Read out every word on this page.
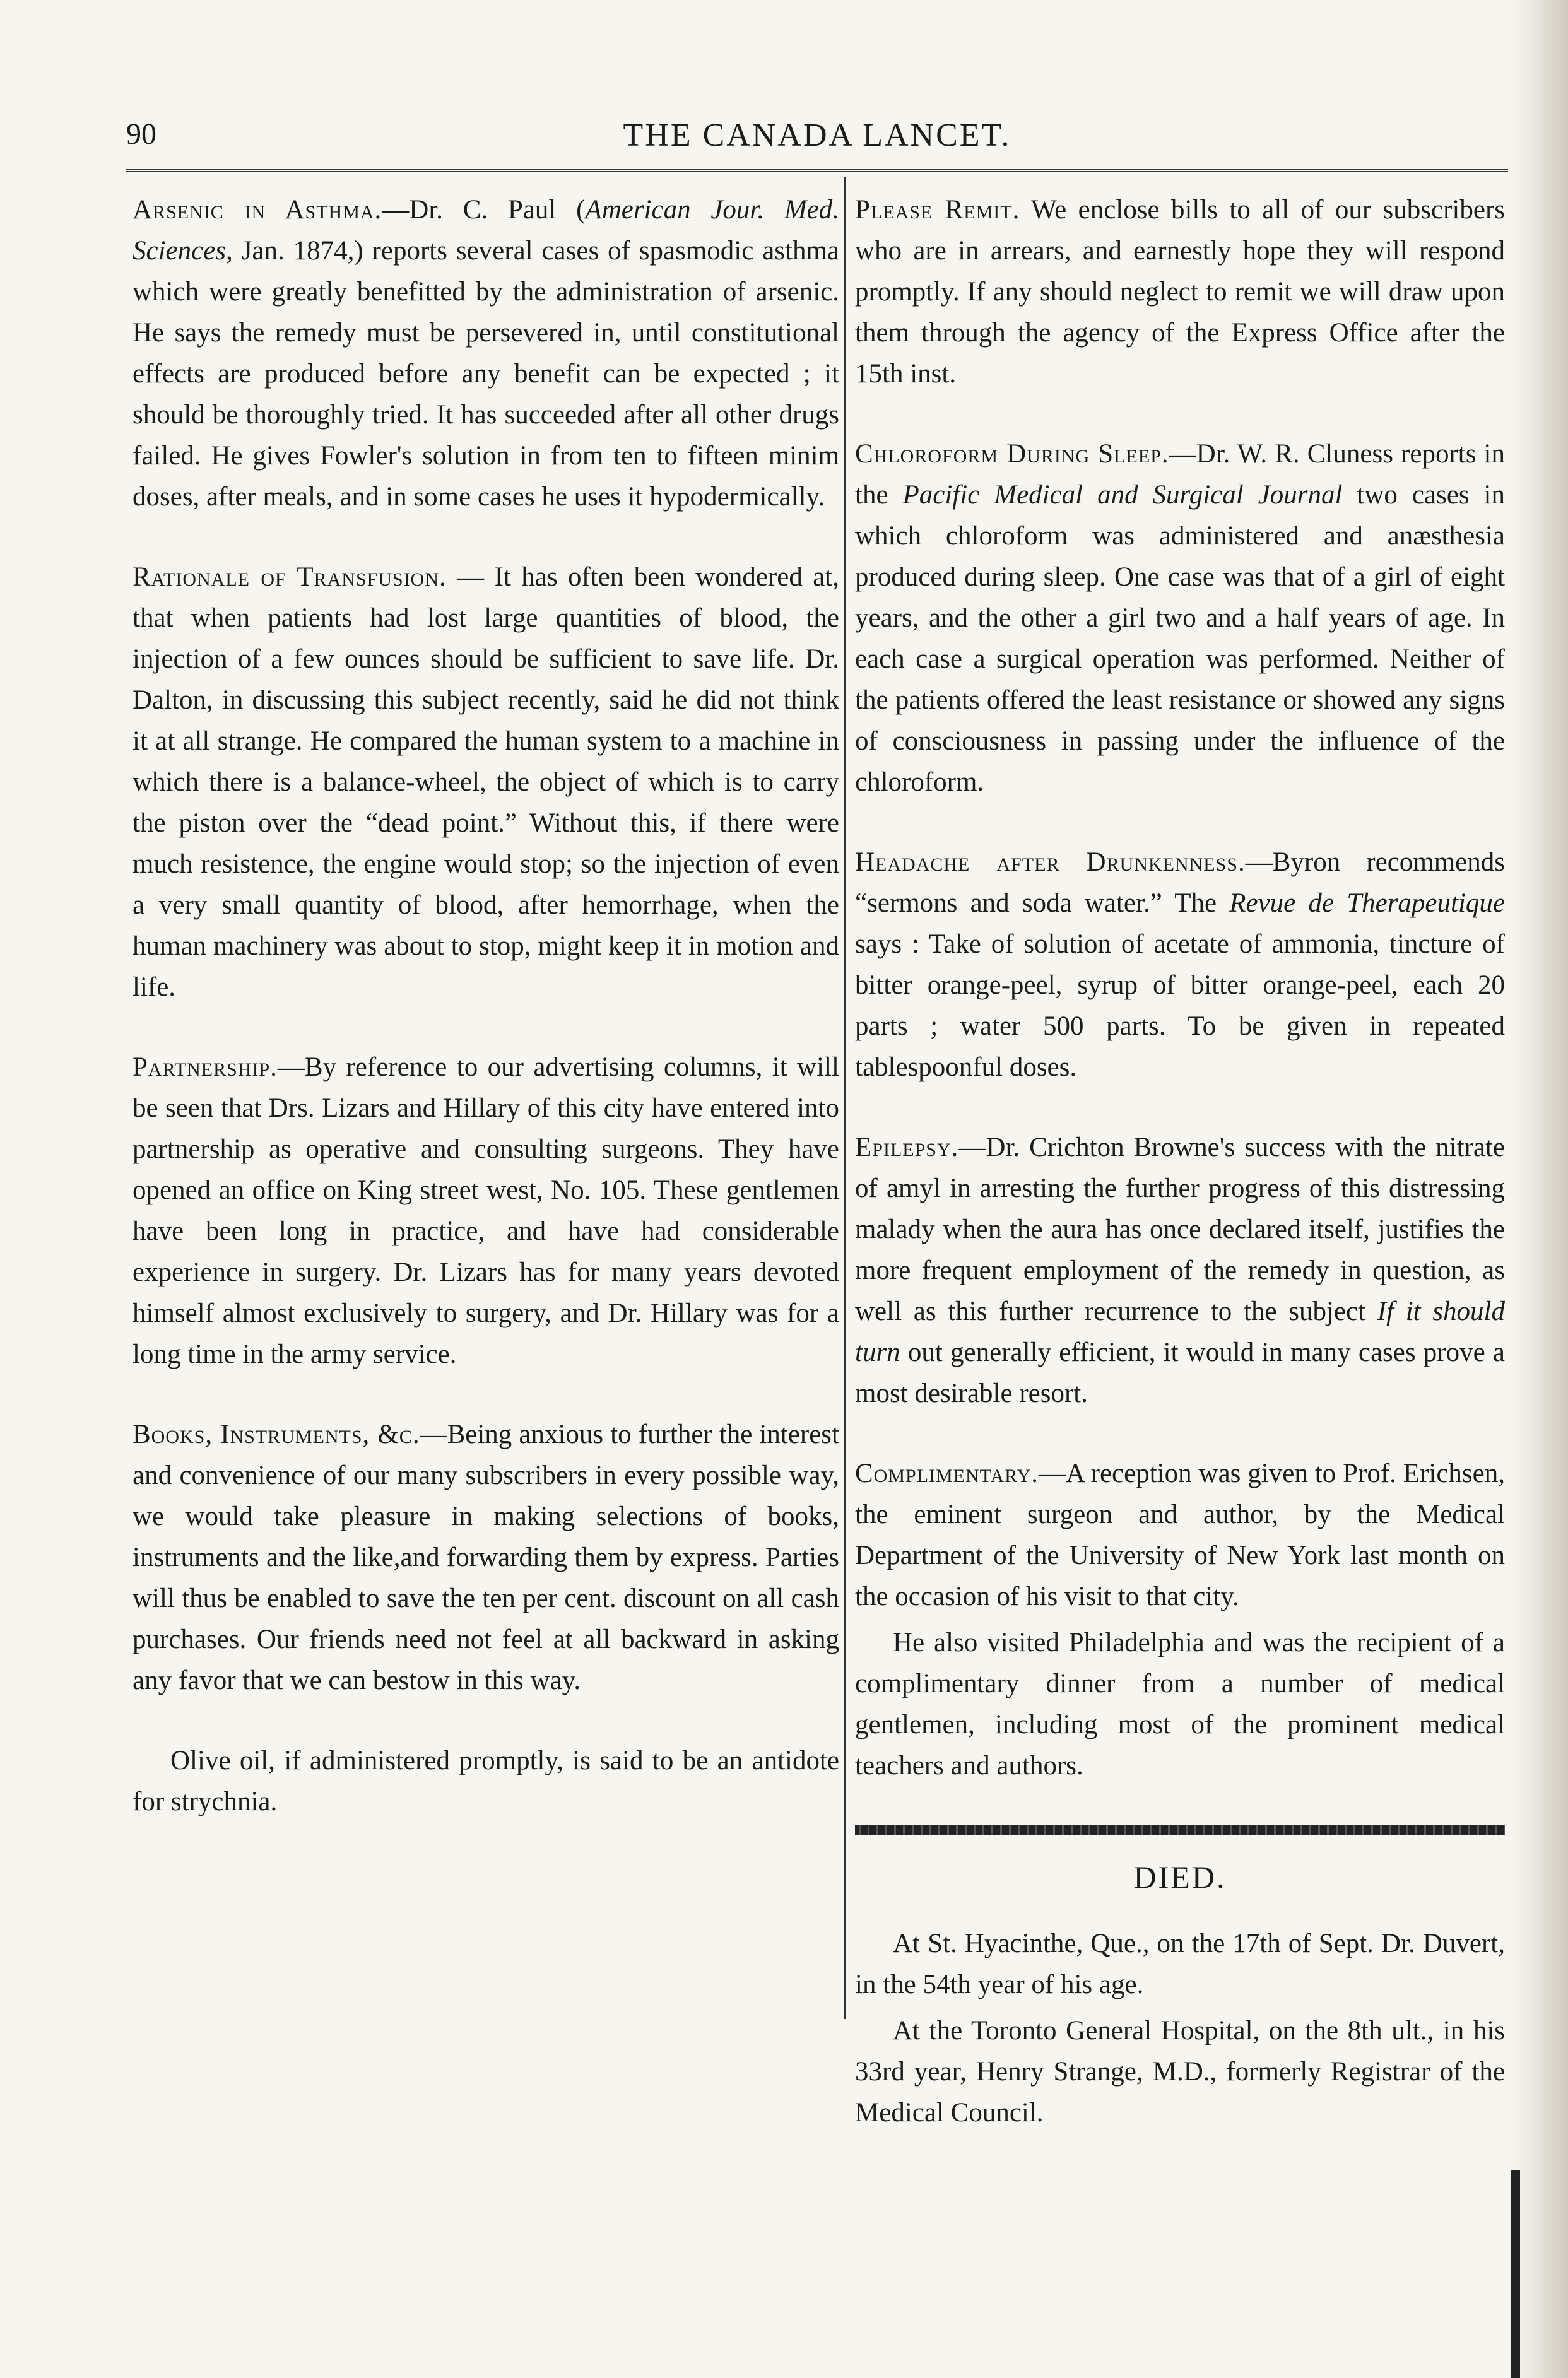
90	THE CANADA LANCET.

Arsenic in Asthma.—Dr. C. Paul (American Jour. Med. Sciences, Jan. 1874,) reports several cases of spasmodic asthma which were greatly benefitted by the administration of arsenic. He says the remedy must be persevered in, until constitutional effects are produced before any benefit can be expected ; it should be thoroughly tried. It has succeeded after all other drugs failed. He gives Fowler's solution in from ten to fifteen minim doses, after meals, and in some cases he uses it hypodermically.

Rationale of Transfusion. — It has often been wondered at, that when patients had lost large quantities of blood, the injection of a few ounces should be sufficient to save life. Dr. Dalton, in discussing this subject recently, said he did not think it at all strange. He compared the human system to a machine in which there is a balance-wheel, the object of which is to carry the piston over the “dead point.” Without this, if there were much resistence, the engine would stop; so the injection of even a very small quantity of blood, after hemorrhage, when the human machinery was about to stop, might keep it in motion and life.

Partnership.—By reference to our advertising columns, it will be seen that Drs. Lizars and Hillary of this city have entered into partnership as operative and consulting surgeons. They have opened an office on King street west, No. 105. These gentlemen have been long in practice, and have had considerable experience in surgery. Dr. Lizars has for many years devoted himself almost exclusively to surgery, and Dr. Hillary was for a long time in the army service.

Books, Instruments, &c.—Being anxious to further the interest and convenience of our many subscribers in every possible way, we would take pleasure in making selections of books, instruments and the like,and forwarding them by express. Parties will thus be enabled to save the ten per cent. discount on all cash purchases. Our friends need not feel at all backward in asking any favor that we can bestow in this way.

Olive oil, if administered promptly, is said to be an antidote for strychnia.

Please Remit. We enclose bills to all of our subscribers who are in arrears, and earnestly hope they will respond promptly. If any should neglect to remit we will draw upon them through the agency of the Express Office after the 15th inst.

Chloroform During Sleep.—Dr. W. R. Cluness reports in the Pacific Medical and Surgical Journal two cases in which chloroform was administered and anæsthesia produced during sleep. One case was that of a girl of eight years, and the other a girl two and a half years of age. In each case a surgical operation was performed. Neither of the patients offered the least resistance or showed any signs of consciousness in passing under the influence of the chloroform.

Headache after Drunkenness.—Byron recommends “sermons and soda water.” The Revue de Therapeutique says : Take of solution of acetate of ammonia, tincture of bitter orange-peel, syrup of bitter orange-peel, each 20 parts ; water 500 parts. To be given in repeated tablespoonful doses.

Epilepsy.—Dr. Crichton Browne's success with the nitrate of amyl in arresting the further progress of this distressing malady when the aura has once declared itself, justifies the more frequent employment of the remedy in question, as well as this further recurrence to the subject If it should turn out generally efficient, it would in many cases prove a most desirable resort.

Complimentary.—A reception was given to Prof. Erichsen, the eminent surgeon and author, by the Medical Department of the University of New York last month on the occasion of his visit to that city.

He also visited Philadelphia and was the recipient of a complimentary dinner from a number of medical gentlemen, including most of the prominent medical teachers and authors.

DIED.

At St. Hyacinthe, Que., on the 17th of Sept. Dr. Duvert, in the 54th year of his age.

At the Toronto General Hospital, on the 8th ult., in his 33rd year, Henry Strange, M.D., formerly Registrar of the Medical Council.
